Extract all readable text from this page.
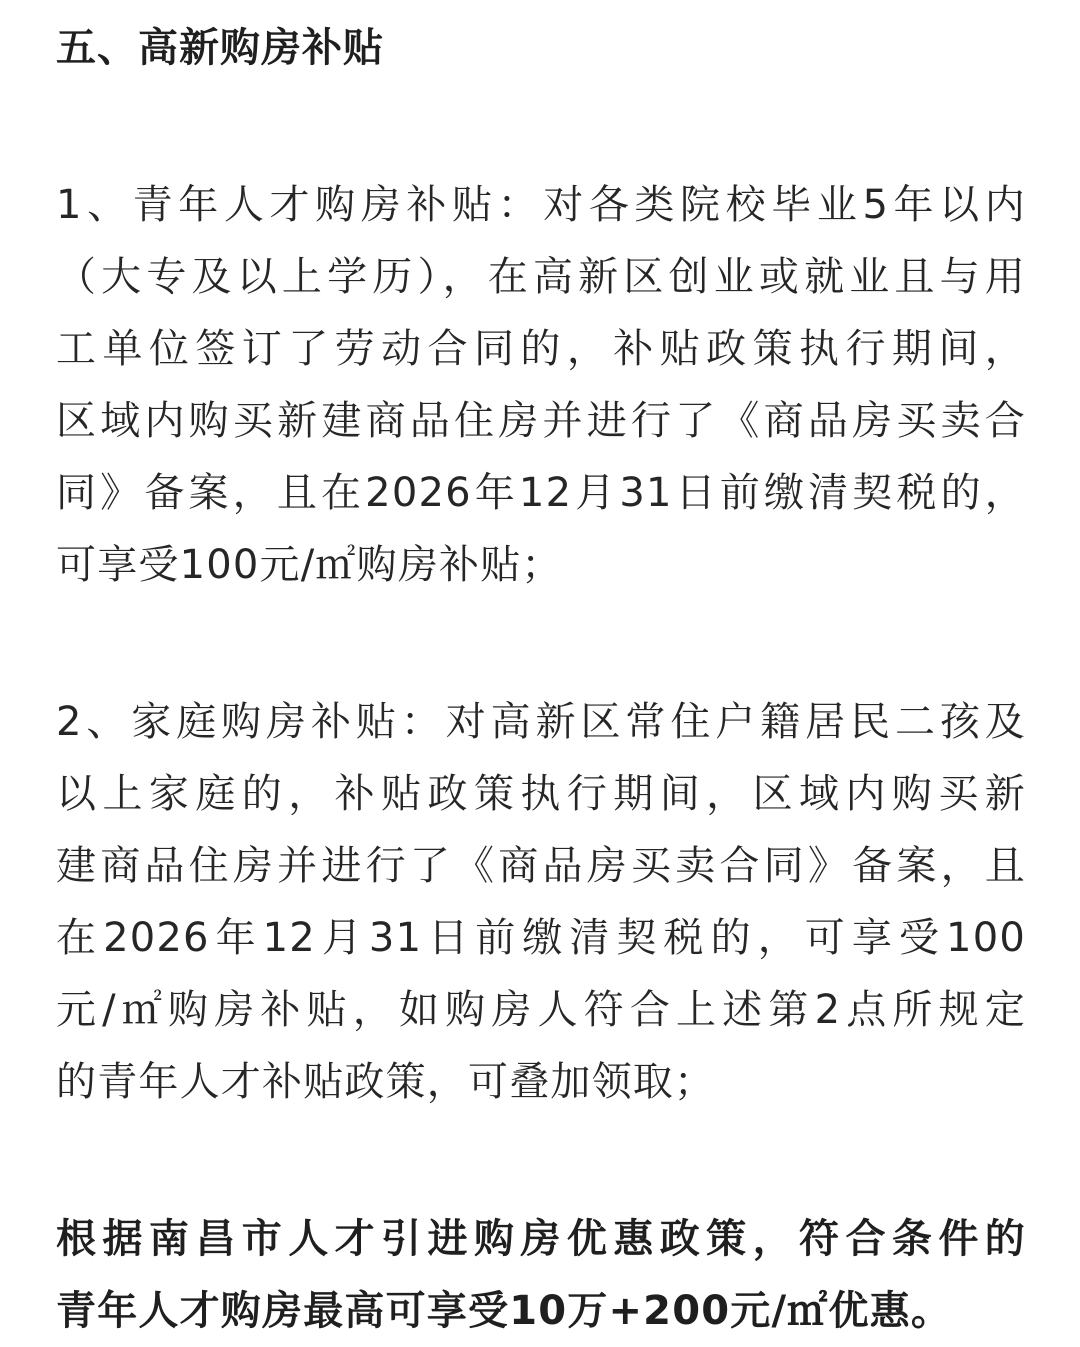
五、高新购房补贴

1、青年人才购房补贴：对各类院校毕业5年以内
（大专及以上学历），在高新区创业或就业且与用
工单位签订了劳动合同的，补贴政策执行期间，
区域内购买新建商品住房并进行了《商品房买卖合
同》备案，且在2026年12月31日前缴清契税的，
可享受100元/㎡购房补贴；

2、家庭购房补贴：对高新区常住户籍居民二孩及
以上家庭的，补贴政策执行期间，区域内购买新
建商品住房并进行了《商品房买卖合同》备案，且
在2026年12月31日前缴清契税的，可享受100
元/㎡购房补贴，如购房人符合上述第2点所规定
的青年人才补贴政策，可叠加领取；

根据南昌市人才引进购房优惠政策，符合条件的
青年人才购房最高可享受10万+200元/㎡优惠。
